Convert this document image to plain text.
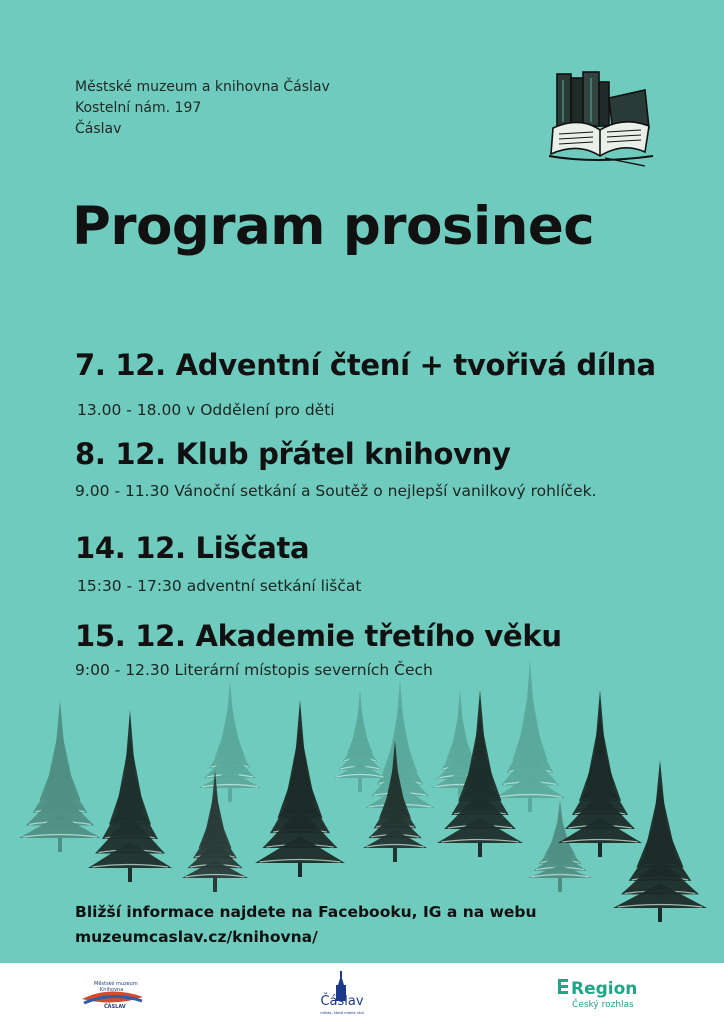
Městské muzeum a knihovna Čáslav
Kostelní nám. 197
Čáslav
Program prosinec
7. 12. Adventní čtení + tvořivá dílna
13.00 - 18.00 v Oddělení pro děti
8. 12. Klub přátel knihovny
9.00 - 11.30 Vánoční setkání a Soutěž o nejlepší vanilkový rohlíček.
14. 12. Liščata
15:30 - 17:30 adventní setkání liščat
15. 12. Akademie třetího věku
9:00 - 12.30 Literární místopis severních Čech
Bližší informace najdete na Facebooku, IG a na webu
muzeumcaslav.cz/knihovna/
Městské muzeum
Knihovna
ČÁSLAV	Čáslav
město, které máme rádi
Region
Český rozhlas
